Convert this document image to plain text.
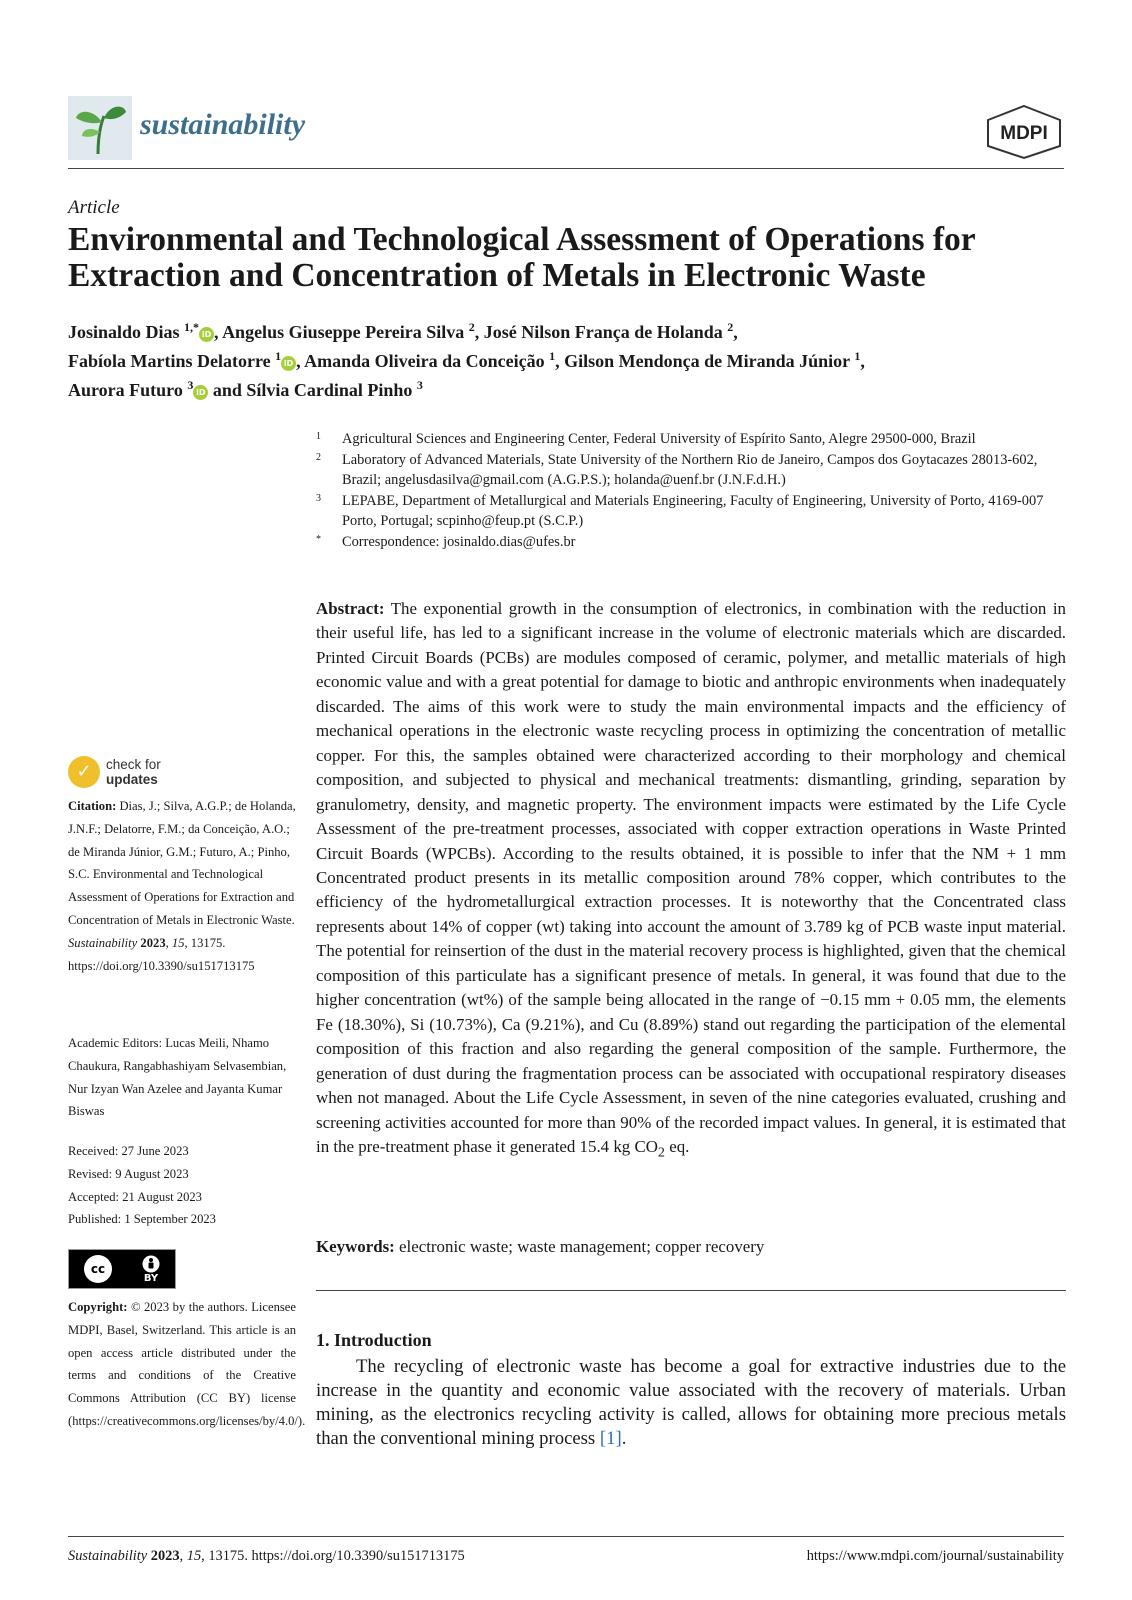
sustainability	MDPI
Article
Environmental and Technological Assessment of Operations for Extraction and Concentration of Metals in Electronic Waste
Josinaldo Dias $^{1,*}$iD , Angelus Giuseppe Pereira Silva $^2$, José Nilson França de Holanda $^2$,
Fabíola Martins Delatorre $^1$iD , Amanda Oliveira da Conceição $^1$, Gilson Mendonça de Miranda Júnior $^1$,
Aurora Futuro $^3$iD and Sílvia Cardinal Pinho $^3$
1	Agricultural Sciences and Engineering Center, Federal University of Espírito Santo, Alegre 29500-000, Brazil
2	Laboratory of Advanced Materials, State University of the Northern Rio de Janeiro, Campos dos Goytacazes 28013-602, Brazil; angelusdasilva@gmail.com (A.G.P.S.); holanda@uenf.br (J.N.F.d.H.)
3	LEPABE, Department of Metallurgical and Materials Engineering, Faculty of Engineering, University of Porto, 4169-007 Porto, Portugal; scpinho@feup.pt (S.C.P.)
*	Correspondence: josinaldo.dias@ufes.br
Abstract: The exponential growth in the consumption of electronics, in combination with the reduction in their useful life, has led to a significant increase in the volume of electronic materials which are discarded. Printed Circuit Boards (PCBs) are modules composed of ceramic, polymer, and metallic materials of high economic value and with a great potential for damage to biotic and anthropic environments when inadequately discarded. The aims of this work were to study the main environmental impacts and the efficiency of mechanical operations in the electronic waste recycling process in optimizing the concentration of metallic copper. For this, the samples obtained were characterized according to their morphology and chemical composition, and subjected to physical and mechanical treatments: dismantling, grinding, separation by granulometry, density, and magnetic property. The environment impacts were estimated by the Life Cycle Assessment of the pre-treatment processes, associated with copper extraction operations in Waste Printed Circuit Boards (WPCBs). According to the results obtained, it is possible to infer that the NM + 1 mm Concentrated product presents in its metallic composition around 78% copper, which contributes to the efficiency of the hydrometallurgical extraction processes. It is noteworthy that the Concentrated class represents about 14% of copper (wt) taking into account the amount of 3.789 kg of PCB waste input material. The potential for reinsertion of the dust in the material recovery process is highlighted, given that the chemical composition of this particulate has a significant presence of metals. In general, it was found that due to the higher concentration (wt%) of the sample being allocated in the range of −0.15 mm + 0.05 mm, the elements Fe (18.30%), Si (10.73%), Ca (9.21%), and Cu (8.89%) stand out regarding the participation of the elemental composition of this fraction and also regarding the general composition of the sample. Furthermore, the generation of dust during the fragmentation process can be associated with occupational respiratory diseases when not managed. About the Life Cycle Assessment, in seven of the nine categories evaluated, crushing and screening activities accounted for more than 90% of the recorded impact values. In general, it is estimated that in the pre-treatment phase it generated 15.4 kg $CO_2$ eq.
Keywords: electronic waste; waste management; copper recovery
1. Introduction
The recycling of electronic waste has become a goal for extractive industries due to the increase in the quantity and economic value associated with the recovery of materials. Urban mining, as the electronics recycling activity is called, allows for obtaining more precious metals than the conventional mining process [1].
✓	check for
updates
Citation: Dias, J.; Silva, A.G.P.; de Holanda, J.N.F.; Delatorre, F.M.; da Conceição, A.O.; de Miranda Júnior, G.M.; Futuro, A.; Pinho, S.C. Environmental and Technological Assessment of Operations for Extraction and Concentration of Metals in Electronic Waste. Sustainability 2023, 15, 13175. https://doi.org/10.3390/su151713175
Academic Editors: Lucas Meili, Nhamo Chaukura, Rangabhashiyam Selvasembian, Nur Izyan Wan Azelee and Jayanta Kumar Biswas
Received: 27 June 2023
Revised: 9 August 2023
Accepted: 21 August 2023
Published: 1 September 2023
cc
BY
Copyright: © 2023 by the authors. Licensee MDPI, Basel, Switzerland. This article is an open access article distributed under the terms and conditions of the Creative Commons Attribution (CC BY) license (https://creativecommons.org/licenses/by/4.0/).
Sustainability 2023, 15, 13175. https://doi.org/10.3390/su151713175	https://www.mdpi.com/journal/sustainability
